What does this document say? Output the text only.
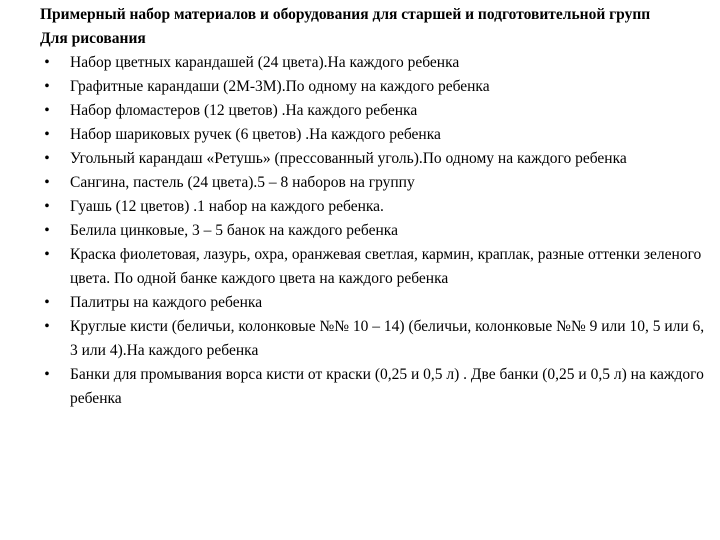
Примерный набор материалов и оборудования для старшей и подготовительной групп

Для рисования

• Набор цветных карандашей (24 цвета).На каждого ребенка
• Графитные карандаши (2М-3М).По одному на каждого ребенка
• Набор фломастеров (12 цветов) .На каждого ребенка
• Набор шариковых ручек (6 цветов) .На каждого ребенка
• Угольный карандаш «Ретушь» (прессованный уголь).По одному на каждого ребенка
• Сангина, пастель (24 цвета).5 – 8 наборов на группу
• Гуашь (12 цветов) .1 набор на каждого ребенка.
• Белила цинковые, 3 – 5 банок на каждого ребенка
• Краска фиолетовая, лазурь, охра, оранжевая светлая, кармин, краплак, разные оттенки зеленого цвета. По одной банке каждого цвета на каждого ребенка
• Палитры на каждого ребенка
• Круглые кисти (беличьи, колонковые №№ 10 – 14) (беличьи, колонковые №№ 9 или 10, 5 или 6, 3 или 4).На каждого ребенка
• Банки для промывания ворса кисти от краски (0,25 и 0,5 л) . Две банки (0,25 и 0,5 л) на каждого ребенка
